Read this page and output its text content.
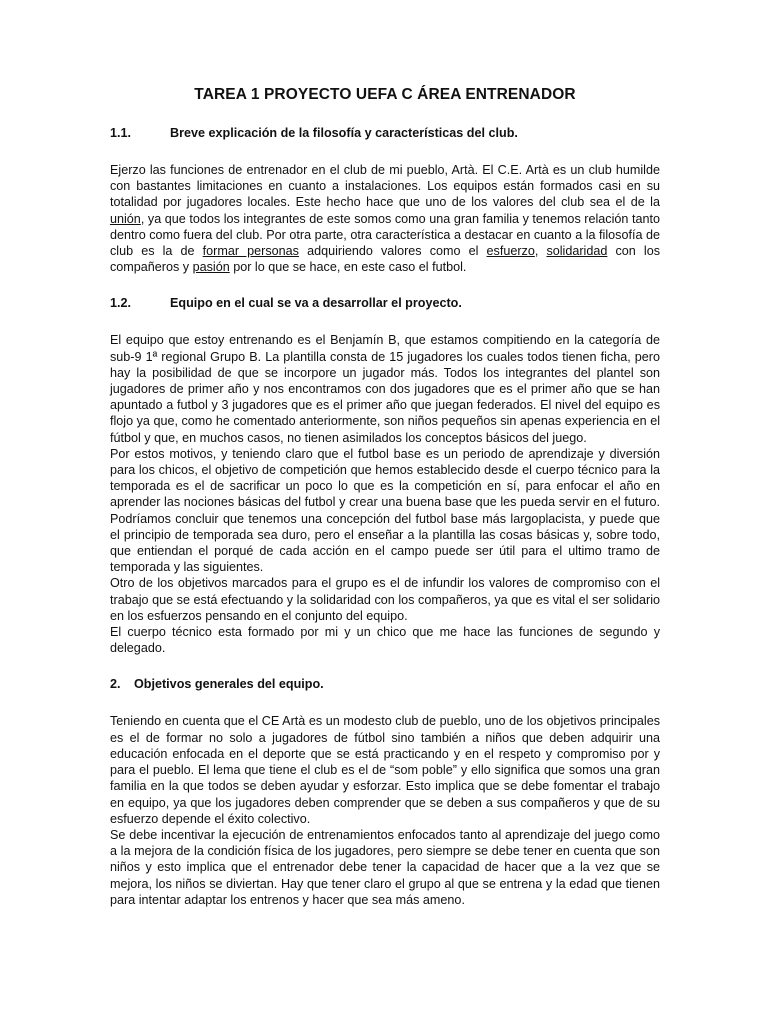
TAREA 1 PROYECTO UEFA C ÁREA ENTRENADOR
1.1.	Breve explicación de la filosofía y características del club.

Ejerzo las funciones de entrenador en el club de mi pueblo, Artà. El C.E. Artà es un club humilde con bastantes limitaciones en cuanto a instalaciones. Los equipos están formados casi en su totalidad por jugadores locales. Este hecho hace que uno de los valores del club sea el de la unión, ya que todos los integrantes de este somos como una gran familia y tenemos relación tanto dentro como fuera del club. Por otra parte, otra característica a destacar en cuanto a la filosofía de club es la de formar personas adquiriendo valores como el esfuerzo, solidaridad con los compañeros y pasión por lo que se hace, en este caso el futbol.

1.2.	Equipo en el cual se va a desarrollar el proyecto.

El equipo que estoy entrenando es el Benjamín B, que estamos compitiendo en la categoría de sub-9 1ª regional Grupo B. La plantilla consta de 15 jugadores los cuales todos tienen ficha, pero hay la posibilidad de que se incorpore un jugador más. Todos los integrantes del plantel son jugadores de primer año y nos encontramos con dos jugadores que es el primer año que se han apuntado a futbol y 3 jugadores que es el primer año que juegan federados. El nivel del equipo es flojo ya que, como he comentado anteriormente, son niños pequeños sin apenas experiencia en el fútbol y que, en muchos casos, no tienen asimilados los conceptos básicos del juego.

Por estos motivos, y teniendo claro que el futbol base es un periodo de aprendizaje y diversión para los chicos, el objetivo de competición que hemos establecido desde el cuerpo técnico para la temporada es el de sacrificar un poco lo que es la competición en sí, para enfocar el año en aprender las nociones básicas del futbol y crear una buena base que les pueda servir en el futuro. Podríamos concluir que tenemos una concepción del futbol base más largoplacista, y puede que el principio de temporada sea duro, pero el enseñar a la plantilla las cosas básicas y, sobre todo, que entiendan el porqué de cada acción en el campo puede ser útil para el ultimo tramo de temporada y las siguientes.

Otro de los objetivos marcados para el grupo es el de infundir los valores de compromiso con el trabajo que se está efectuando y la solidaridad con los compañeros, ya que es vital el ser solidario en los esfuerzos pensando en el conjunto del equipo.

El cuerpo técnico esta formado por mi y un chico que me hace las funciones de segundo y delegado.

2.	Objetivos generales del equipo.

Teniendo en cuenta que el CE Artà es un modesto club de pueblo, uno de los objetivos principales es el de formar no solo a jugadores de fútbol sino también a niños que deben adquirir una educación enfocada en el deporte que se está practicando y en el respeto y compromiso por y para el pueblo. El lema que tiene el club es el de “som poble” y ello significa que somos una gran familia en la que todos se deben ayudar y esforzar. Esto implica que se debe fomentar el trabajo en equipo, ya que los jugadores deben comprender que se deben a sus compañeros y que de su esfuerzo depende el éxito colectivo.

Se debe incentivar la ejecución de entrenamientos enfocados tanto al aprendizaje del juego como a la mejora de la condición física de los jugadores, pero siempre se debe tener en cuenta que son niños y esto implica que el entrenador debe tener la capacidad de hacer que a la vez que se mejora, los niños se diviertan. Hay que tener claro el grupo al que se entrena y la edad que tienen para intentar adaptar los entrenos y hacer que sea más ameno.
